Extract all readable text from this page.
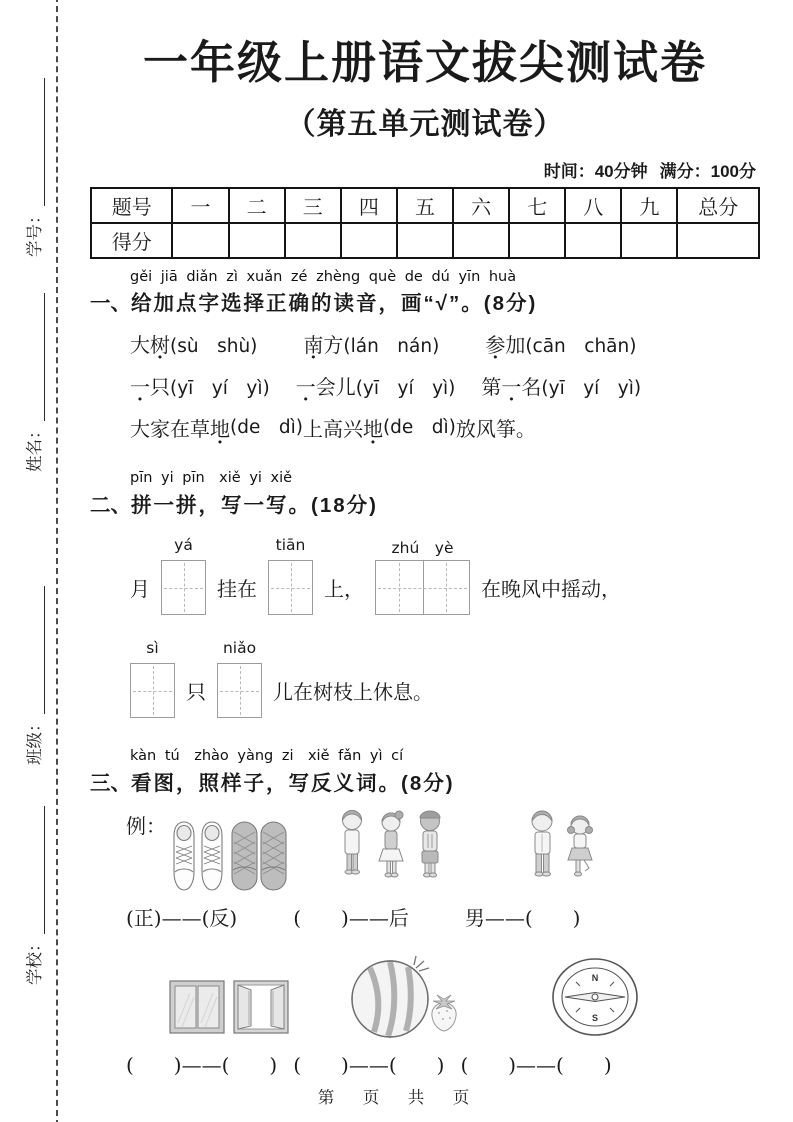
学号：
姓名：
班级：
学校：
一年级上册语文拔尖测试卷
（第五单元测试卷）
时间：40分钟 满分：100分
题号	一	二	三	四	五	六	七	八	九	总分
得分										
gěi jiā diǎn zì xuǎn zé zhèng què de dú yīn huà
一、给加点字选择正确的读音，画“√”。(8分)
大树(sù　shù) 南方(lán　nán) 参加(cān　chān)
一只(yī　yí　yì) 一会儿(yī　yí　yì) 第一名(yī　yí　yì)
大家在草 地 · (de　dì) 上高兴 地 · (de　dì) 放风筝。
pīn yi pīn　xiě yi xiě
二、拼一拼，写一写。(18分)
月
yá
挂在
tiān
上，
zhú　yè
在晚风中摇动，
sì
只
niǎo
儿在树枝上休息。
kàn tú　zhào yàng zi　xiě fǎn yì cí
三、看图，照样子，写反义词。(8分)
例：
(正)——(反)	(　　)——后	男——(　　)
N
S
(　　)——(　　) (　　)——(　　) (　　)——(　　)
第　页　共　页
